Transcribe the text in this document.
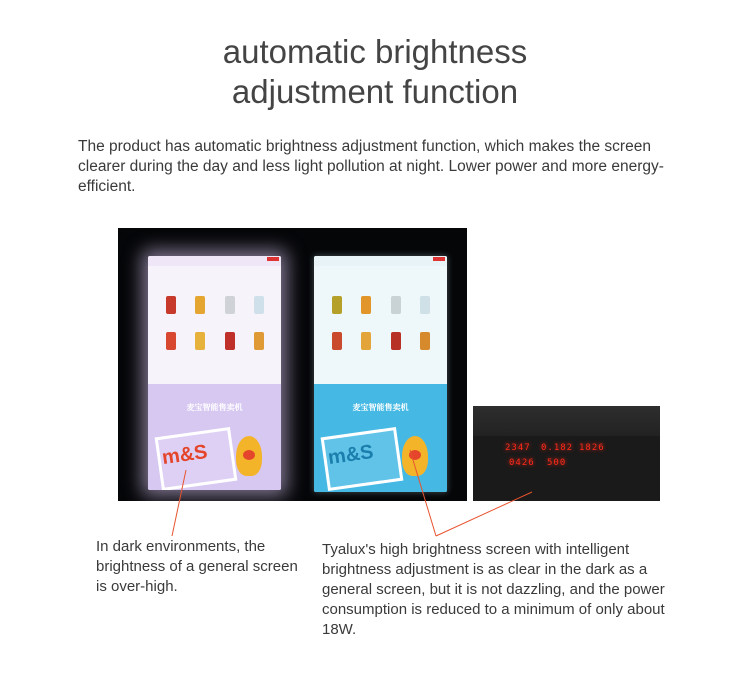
automatic brightness
adjustment function

The product has automatic brightness adjustment function, which makes the screen clearer during the day and less light pollution at night. Lower power and more energy-efficient.

麦宝智能售卖机
m&S
麦宝智能售卖机
m&S	2347 0.182 1826
0426 500

In dark environments, the brightness of a general screen is over-high.

Tyalux's high brightness screen with intelligent brightness adjustment is as clear in the dark as a general screen, but it is not dazzling, and the power consumption is reduced to a minimum of only about 18W.
